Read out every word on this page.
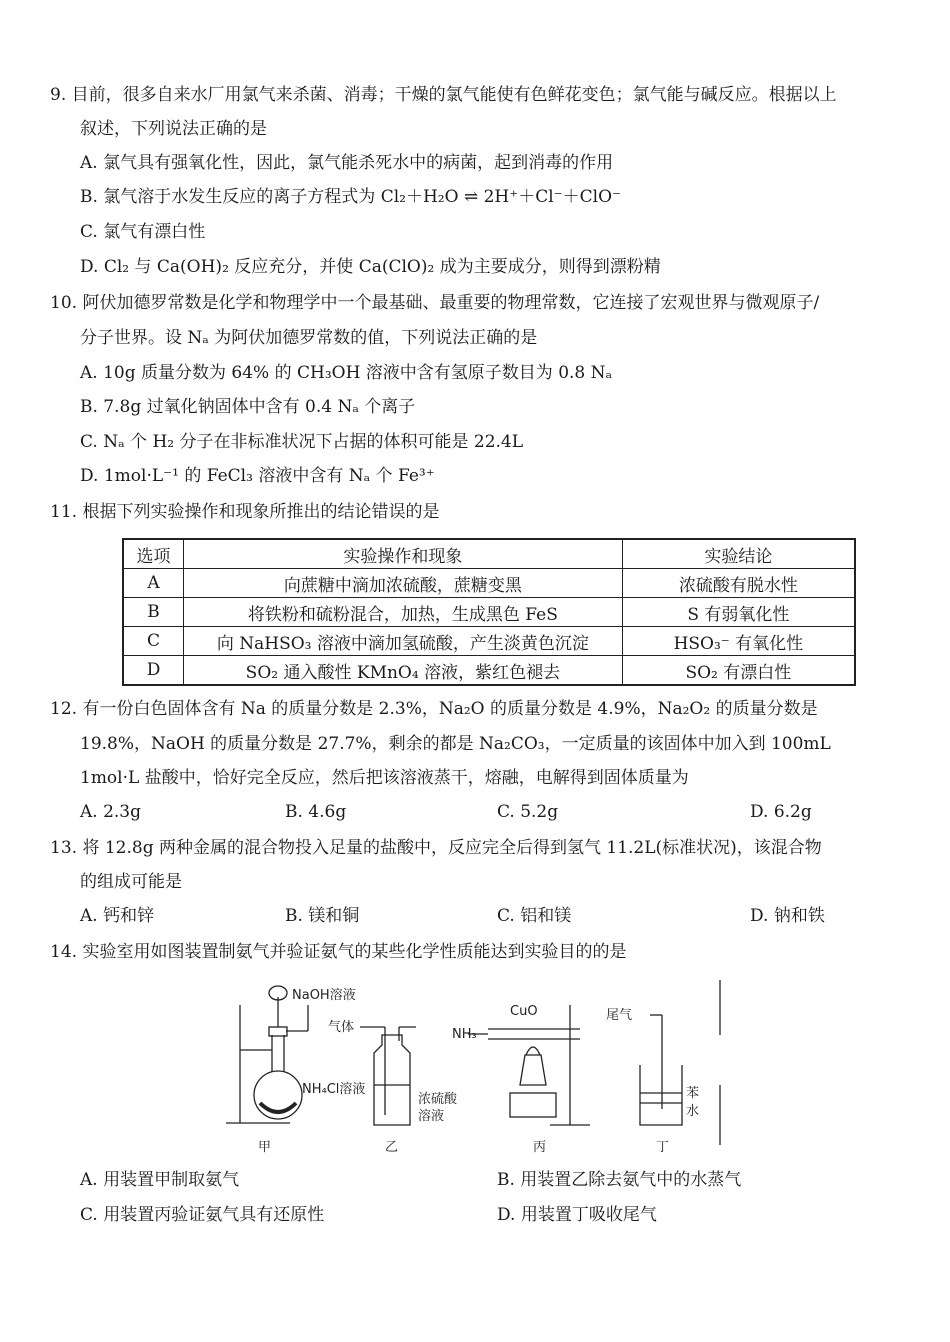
9. 目前，很多自来水厂用氯气来杀菌、消毒；干燥的氯气能使有色鲜花变色；氯气能与碱反应。根据以上
叙述，下列说法正确的是
A. 氯气具有强氧化性，因此，氯气能杀死水中的病菌，起到消毒的作用
B. 氯气溶于水发生反应的离子方程式为 Cl₂＋H₂O ⇌ 2H⁺＋Cl⁻＋ClO⁻
C. 氯气有漂白性
D. Cl₂ 与 Ca(OH)₂ 反应充分，并使 Ca(ClO)₂ 成为主要成分，则得到漂粉精
10. 阿伏加德罗常数是化学和物理学中一个最基础、最重要的物理常数，它连接了宏观世界与微观原子/
分子世界。设 Nₐ 为阿伏加德罗常数的值，下列说法正确的是
A. 10g 质量分数为 64% 的 CH₃OH 溶液中含有氢原子数目为 0.8 Nₐ
B. 7.8g 过氧化钠固体中含有 0.4 Nₐ 个离子
C. Nₐ 个 H₂ 分子在非标准状况下占据的体积可能是 22.4L
D. 1mol·L⁻¹ 的 FeCl₃ 溶液中含有 Nₐ 个 Fe³⁺
11. 根据下列实验操作和现象所推出的结论错误的是
选项	实验操作和现象	实验结论
A	向蔗糖中滴加浓硫酸，蔗糖变黑	浓硫酸有脱水性
B	将铁粉和硫粉混合，加热，生成黑色 FeS	S 有弱氧化性
C	向 NaHSO₃ 溶液中滴加氢硫酸，产生淡黄色沉淀	HSO₃⁻ 有氧化性
D	SO₂ 通入酸性 KMnO₄ 溶液，紫红色褪去	SO₂ 有漂白性
12. 有一份白色固体含有 Na 的质量分数是 2.3%，Na₂O 的质量分数是 4.9%，Na₂O₂ 的质量分数是
19.8%，NaOH 的质量分数是 27.7%，剩余的都是 Na₂CO₃，一定质量的该固体中加入到 100mL
1mol·L 盐酸中，恰好完全反应，然后把该溶液蒸干，熔融，电解得到固体质量为
A. 2.3g	B. 4.6g	C. 5.2g	D. 6.2g
13. 将 12.8g 两种金属的混合物投入足量的盐酸中，反应完全后得到氢气 11.2L(标准状况)，该混合物
的组成可能是
A. 钙和锌	B. 镁和铜	C. 铝和镁	D. 钠和铁
14. 实验室用如图装置制氨气并验证氨气的某些化学性质能达到实验目的的是
NaOH溶液
NH₄Cl溶液
气体
浓硫酸
溶液
CuO
NH₃
尾气
苯
水
甲	乙	丙	丁
A. 用装置甲制取氨气	B. 用装置乙除去氨气中的水蒸气
C. 用装置丙验证氨气具有还原性	D. 用装置丁吸收尾气
